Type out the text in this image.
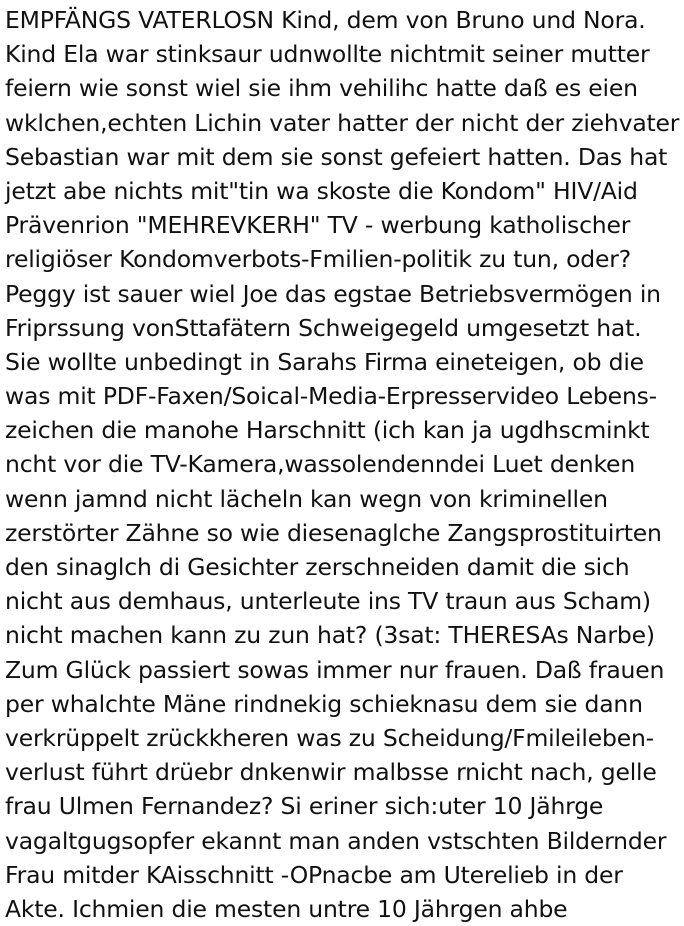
EMPFÄNGS VATERLOSN Kind, dem von Bruno und Nora.
Kind Ela war stinksaur udnwollte nichtmit seiner mutter
feiern wie sonst wiel sie ihm vehilihc hatte daß es eien
wklchen,echten Lichin vater hatter der nicht der ziehvater
Sebastian war mit dem sie sonst gefeiert hatten. Das hat
jetzt abe nichts mit"tin wa skoste die Kondom" HIV/Aid
Prävenrion "MEHREVKERH" TV - werbung katholischer
religiöser Kondomverbots-Fmilien-politik zu tun, oder?
Peggy ist sauer wiel Joe das egstae Betriebsvermögen in
Friprssung vonSttafätern Schweigegeld umgesetzt hat.
Sie wollte unbedingt in Sarahs Firma eineteigen, ob die
was mit PDF-Faxen/Soical-Media-Erpresservideo Lebens-
zeichen die manohe Harschnitt (ich kan ja ugdhscminkt
ncht vor die TV-Kamera,wassolendenndei Luet denken
wenn jamnd nicht lächeln kan wegn von kriminellen
zerstörter Zähne so wie diesenaglche Zangsprostituirten
den sinaglch di Gesichter zerschneiden damit die sich
nicht aus demhaus, unterleute ins TV traun aus Scham)
nicht machen kann zu zun hat? (3sat: THERESAs Narbe)
Zum Glück passiert sowas immer nur frauen. Daß frauen
per whalchte Mäne rindnekig schieknasu dem sie dann
verkrüppelt zrückkheren was zu Scheidung/Fmileileben-
verlust führt drüebr dnkenwir malbsse rnicht nach, gelle
frau Ulmen Fernandez? Si eriner sich:uter 10 Jährge
vagaltgugsopfer ekannt man anden vstschten Bildernder
Frau mitder KAisschnitt -OPnacbe am Uterelieb in der
Akte. Ichmien die mesten untre 10 Jährgen ahbe
